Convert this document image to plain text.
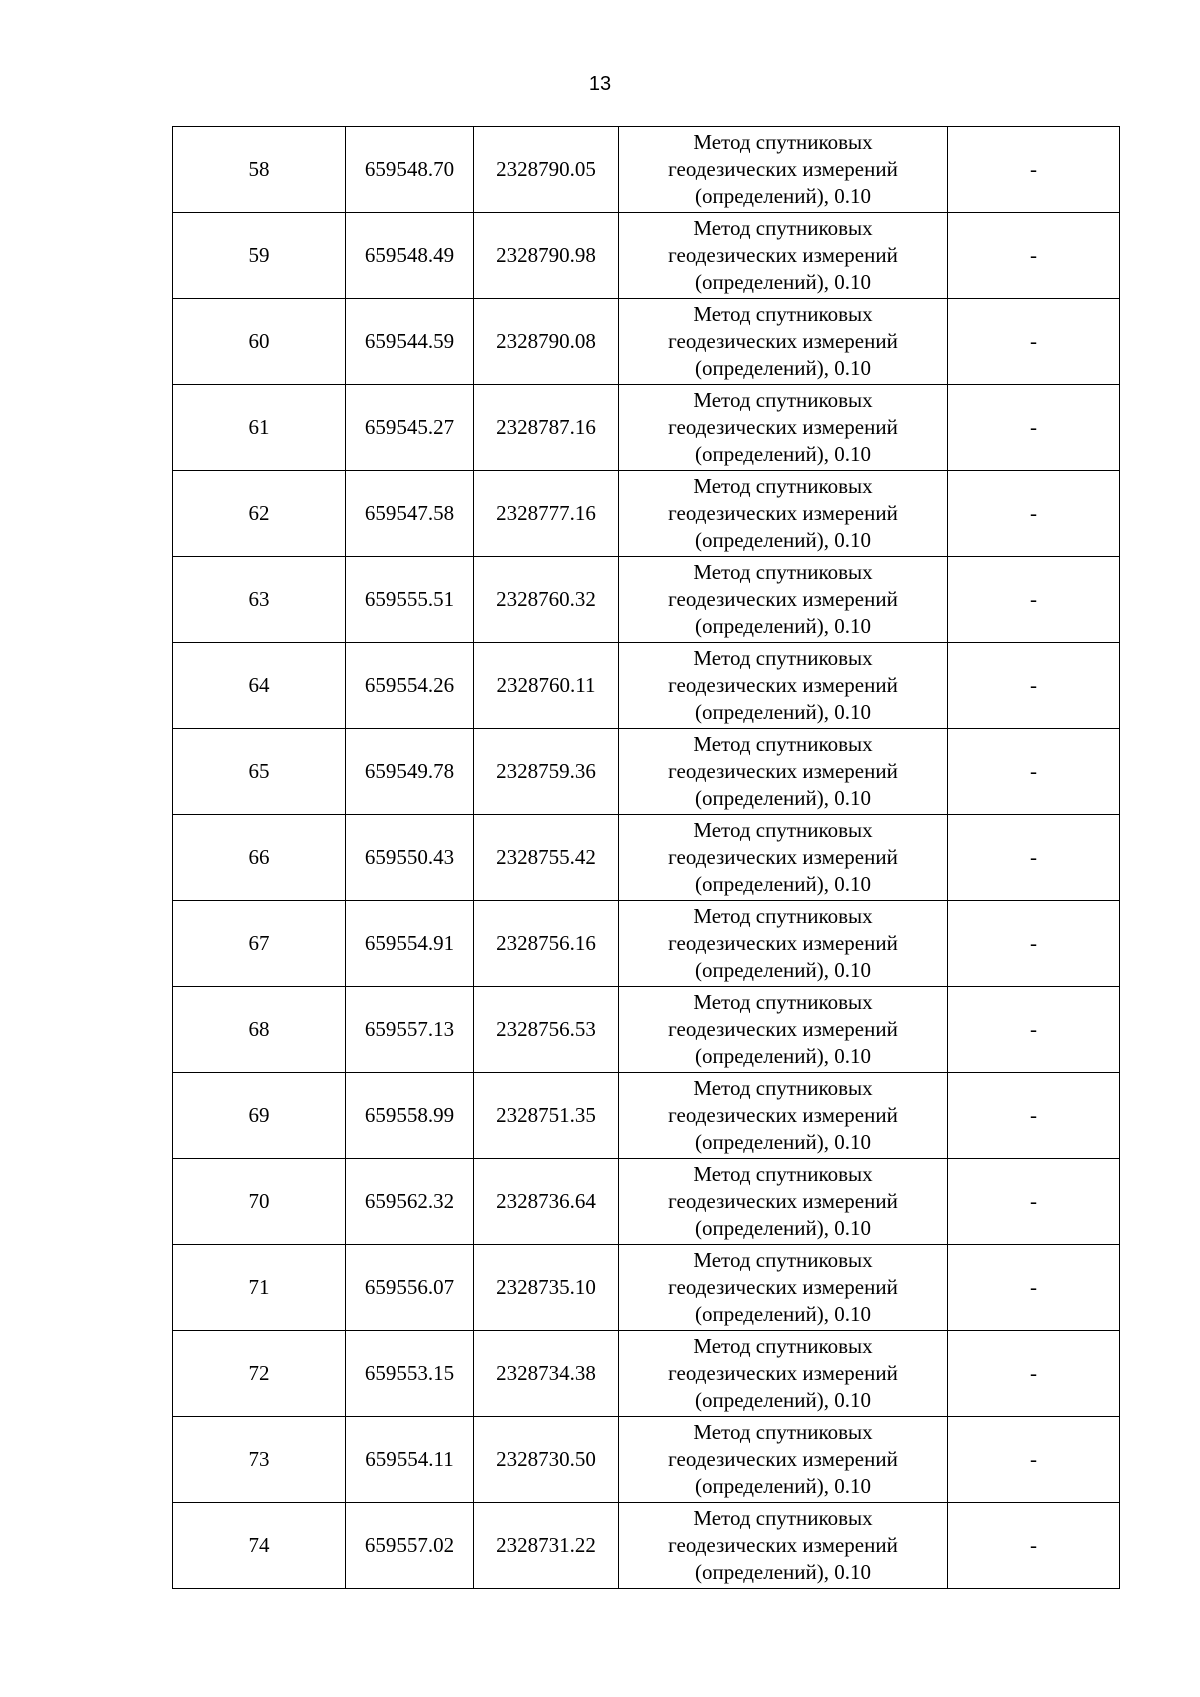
13
58	659548.70	2328790.05	Метод спутниковых
геодезических измерений
(определений), 0.10	-
59	659548.49	2328790.98	Метод спутниковых
геодезических измерений
(определений), 0.10	-
60	659544.59	2328790.08	Метод спутниковых
геодезических измерений
(определений), 0.10	-
61	659545.27	2328787.16	Метод спутниковых
геодезических измерений
(определений), 0.10	-
62	659547.58	2328777.16	Метод спутниковых
геодезических измерений
(определений), 0.10	-
63	659555.51	2328760.32	Метод спутниковых
геодезических измерений
(определений), 0.10	-
64	659554.26	2328760.11	Метод спутниковых
геодезических измерений
(определений), 0.10	-
65	659549.78	2328759.36	Метод спутниковых
геодезических измерений
(определений), 0.10	-
66	659550.43	2328755.42	Метод спутниковых
геодезических измерений
(определений), 0.10	-
67	659554.91	2328756.16	Метод спутниковых
геодезических измерений
(определений), 0.10	-
68	659557.13	2328756.53	Метод спутниковых
геодезических измерений
(определений), 0.10	-
69	659558.99	2328751.35	Метод спутниковых
геодезических измерений
(определений), 0.10	-
70	659562.32	2328736.64	Метод спутниковых
геодезических измерений
(определений), 0.10	-
71	659556.07	2328735.10	Метод спутниковых
геодезических измерений
(определений), 0.10	-
72	659553.15	2328734.38	Метод спутниковых
геодезических измерений
(определений), 0.10	-
73	659554.11	2328730.50	Метод спутниковых
геодезических измерений
(определений), 0.10	-
74	659557.02	2328731.22	Метод спутниковых
геодезических измерений
(определений), 0.10	-
